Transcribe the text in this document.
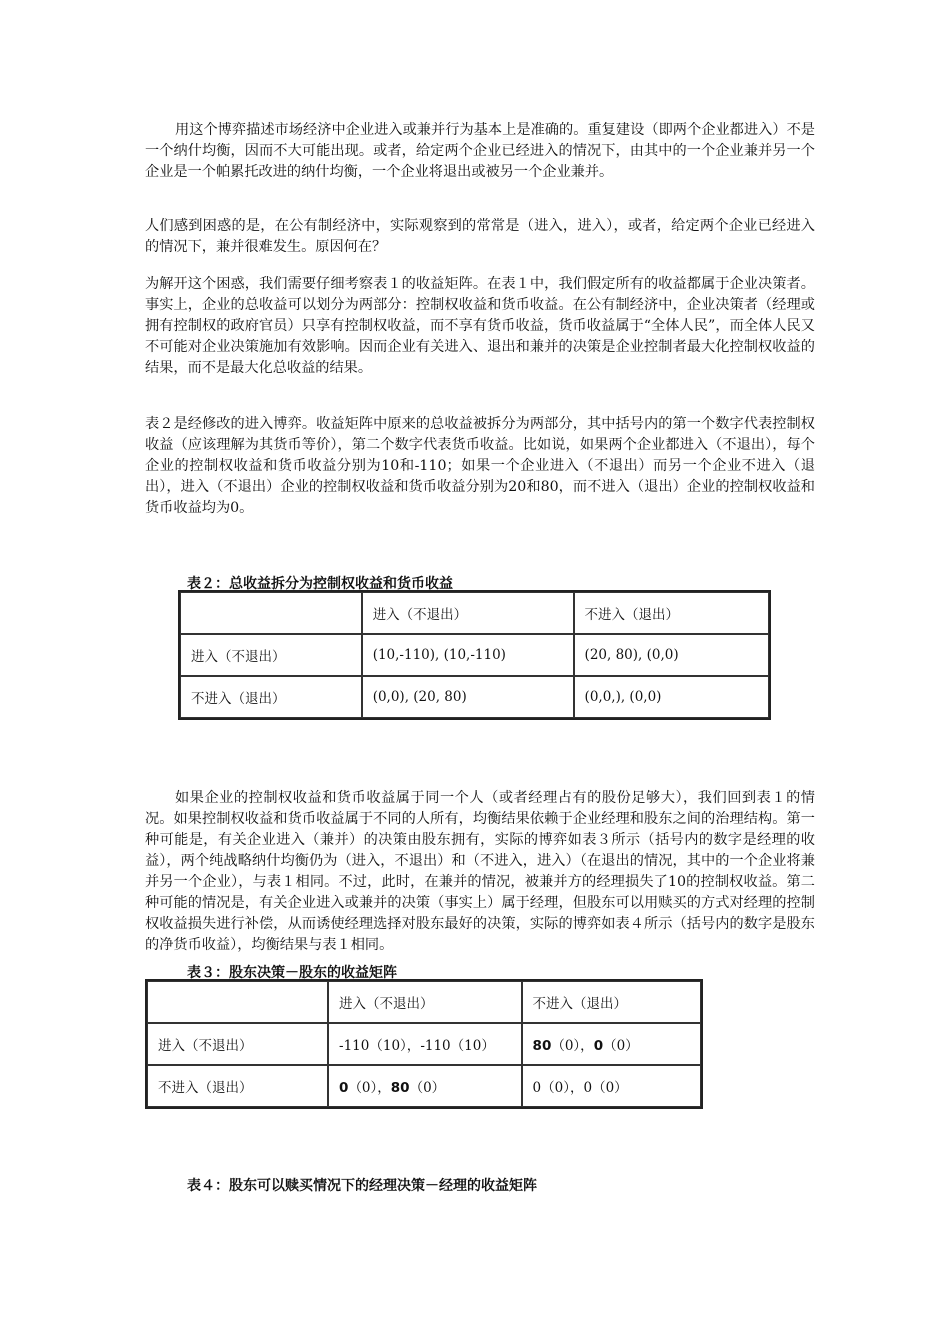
用这个博弈描述市场经济中企业进入或兼并行为基本上是准确的。重复建设（即两个企业都进入）不是一个纳什均衡，因而不大可能出现。或者，给定两个企业已经进入的情况下，由其中的一个企业兼并另一个企业是一个帕累托改进的纳什均衡，一个企业将退出或被另一个企业兼并。

人们感到困惑的是，在公有制经济中，实际观察到的常常是（进入，进入），或者，给定两个企业已经进入的情况下，兼并很难发生。原因何在？

为解开这个困惑，我们需要仔细考察表１的收益矩阵。在表１中，我们假定所有的收益都属于企业决策者。事实上，企业的总收益可以划分为两部分：控制权收益和货币收益。在公有制经济中，企业决策者（经理或拥有控制权的政府官员）只享有控制权收益，而不享有货币收益，货币收益属于“全体人民”，而全体人民又不可能对企业决策施加有效影响。因而企业有关进入、退出和兼并的决策是企业控制者最大化控制权收益的结果，而不是最大化总收益的结果。

表２是经修改的进入博弈。收益矩阵中原来的总收益被拆分为两部分，其中括号内的第一个数字代表控制权收益（应该理解为其货币等价），第二个数字代表货币收益。比如说，如果两个企业都进入（不退出），每个企业的控制权收益和货币收益分别为10和-110；如果一个企业进入（不退出）而另一个企业不进入（退出），进入（不退出）企业的控制权收益和货币收益分别为20和80，而不进入（退出）企业的控制权收益和货币收益均为0。

表２：总收益拆分为控制权收益和货币收益

	进入（不退出）	不进入（退出）
进入（不退出）	(10,-110), (10,-110)	(20, 80), (0,0)
不进入（退出）	(0,0), (20, 80)	(0,0,), (0,0)

如果企业的控制权收益和货币收益属于同一个人（或者经理占有的股份足够大），我们回到表１的情况。如果控制权收益和货币收益属于不同的人所有，均衡结果依赖于企业经理和股东之间的治理结构。第一种可能是，有关企业进入（兼并）的决策由股东拥有，实际的博弈如表３所示（括号内的数字是经理的收益），两个纯战略纳什均衡仍为（进入，不退出）和（不进入，进入）（在退出的情况，其中的一个企业将兼并另一个企业），与表１相同。不过，此时，在兼并的情况，被兼并方的经理损失了10的控制权收益。第二种可能的情况是，有关企业进入或兼并的决策（事实上）属于经理，但股东可以用赎买的方式对经理的控制权收益损失进行补偿，从而诱使经理选择对股东最好的决策，实际的博弈如表４所示（括号内的数字是股东的净货币收益），均衡结果与表１相同。

表３：股东决策－股东的收益矩阵

	进入（不退出）	不进入（退出）
进入（不退出）	-110（10），-110（10）	80（0），0（0）
不进入（退出）	0（0），80（0）	0（0），0（0）

表４：股东可以赎买情况下的经理决策－经理的收益矩阵
